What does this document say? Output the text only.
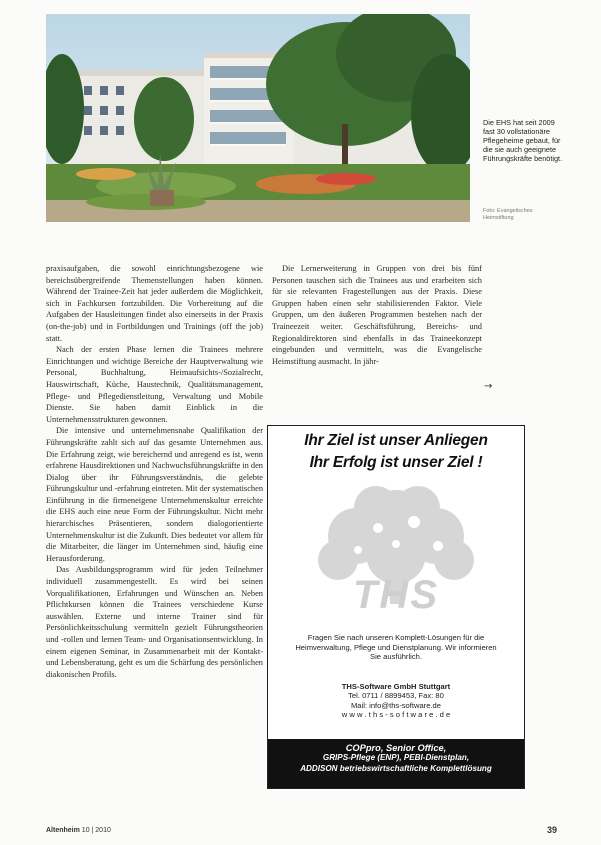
Die EHS hat seit 2009 fast 30 vollstationäre Pflegeheime gebaut, für die sie auch geeignete Führungskräfte benötigt.
Foto: Evangelisches Heimstiftung

praxisaufgaben, die sowohl einrichtungsbezogene wie bereichsübergreifende Themenstellungen haben können. Während der Trainee-Zeit hat jeder außerdem die Möglichkeit, sich in Fachkursen fortzubilden. Die Vorbereitung auf die Aufgaben der Hausleitungen findet also einerseits in der Praxis (on-the-job) und in Fortbildungen und Trainings (off the job) statt.

Nach der ersten Phase lernen die Trainees mehrere Einrichtungen und wichtige Bereiche der Hauptverwaltung wie Personal, Buchhaltung, Heimaufsichts-/Sozialrecht, Hauswirtschaft, Küche, Haustechnik, Qualitätsmanagement, Pflege- und Pflegedienstleitung, Verwaltung und Mobile Dienste. Sie haben damit Einblick in die Unternehmensstrukturen gewonnen.

Die intensive und unternehmensnahe Qualifikation der Führungskräfte zahlt sich auf das gesamte Unternehmen aus. Die Erfahrung zeigt, wie bereichernd und anregend es ist, wenn erfahrene Hausdirektionen und Nachwuchsführungskräfte in den Dialog über ihr Führungsverständnis, die gelebte Führungskultur und -erfahrung eintreten. Mit der systematischen Einführung in die firmeneigene Unternehmenskultur erreichte die EHS auch eine neue Form der Führungskultur. Nicht mehr hierarchisches Präsentieren, sondern dialogorientierte Unternehmenskultur ist die Zukunft. Dies bedeutet vor allem für die Mitarbeiter, die länger im Unternehmen sind, häufig eine Herausforderung.

Das Ausbildungsprogramm wird für jeden Teilnehmer individuell zusammengestellt. Es wird bei seinen Vorqualifikationen, Erfahrungen und Wünschen an. Neben Pflichtkursen können die Trainees verschiedene Kurse auswählen. Externe und interne Trainer sind für Persönlichkeitsschulung vermitteln gezielt Führungstheorien und -rollen und lernen Team- und Organisationsentwicklung. In einem eigenen Seminar, in Zusammenarbeit mit der Kontakt- und Lebensberatung, geht es um die Schärfung des persönlichen diakonischen Profils.

Die Lernerweiterung in Gruppen von drei bis fünf Personen tauschen sich die Trainees aus und erarbeiten sich für sie relevanten Fragestellungen aus der Praxis. Diese Gruppen haben einen sehr stabilisierenden Faktor. Viele Gruppen, um den äußeren Programmen bestehen nach der Traineezeit weiter. Geschäftsführung, Bereichs- und Regionaldirektoren sind ebenfalls in das Traineekonzept eingebunden und vermitteln, was die Evangelische Heimstiftung ausmacht. In jähr-

→
Ihr Ziel ist unser Anliegen
Ihr Erfolg ist unser Ziel !
THS
Fragen Sie nach unseren Komplett-Lösungen für die Heimverwaltung, Pflege und Dienstplanung. Wir informieren Sie ausführlich.
THS-Software GmbH Stuttgart
Tel. 0711 / 8899453, Fax: 80
Mail: info@ths-software.de
w w w . t h s - s o f t w a r e . d e
COPpro, Senior Office,
GRIPS-Pflege (ENP), PEBI-Dienstplan,
ADDISON betriebswirtschaftliche Komplettlösung
Altenheim 10 | 2010	39
